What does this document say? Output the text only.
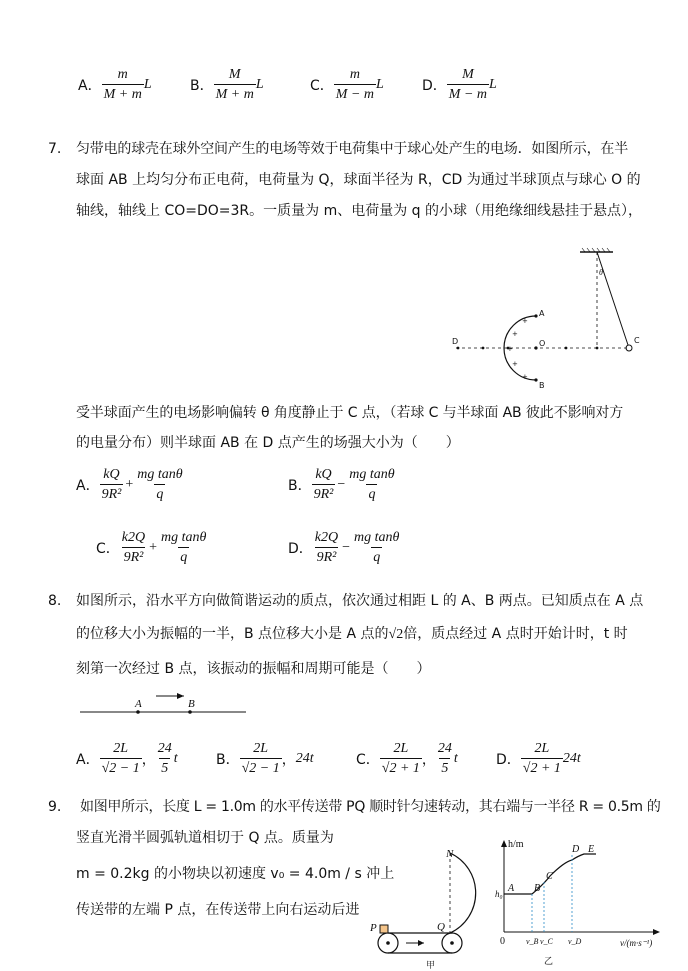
A． $\frac{m}{M + m}$ L	B． $\frac{M}{M + m}$ L	C． $\frac{m}{M - m}$ L	D． $\frac{M}{M - m}$ L
7. 匀带电的球壳在球外空间产生的电场等效于电荷集中于球心处产生的电场．如图所示，在半
球面 AB 上均匀分布正电荷，电荷量为 Q，球面半径为 R，CD 为通过半球顶点与球心 O 的
轴线，轴线上 CO=DO=3R。一质量为 m、电荷量为 q 的小球（用绝缘细线悬挂于悬点），
+
+
+
+
+
D
A
B
O	C
θ
受半球面产生的电场影响偏转 θ 角度静止于 C 点，（若球 C 与半球面 AB 彼此不影响对方
的电量分布）则半球面 AB 在 D 点产生的场强大小为（　　）
A． $\frac{kQ}{\text{9R²}} + \frac{\text{mg tanθ}}{q}$	B． $\frac{kQ}{\text{9R²}} - \frac{\text{mg tanθ}}{q}$
C． $\frac{k2Q}{\text{9R²}} + \frac{\text{mg tanθ}}{q}$	D． $\frac{k2Q}{\text{9R²}} - \frac{\text{mg tanθ}}{q}$
8. 如图所示，沿水平方向做简谐运动的质点，依次通过相距 L 的 A、B 两点。已知质点在 A 点
的位移大小为振幅的一半，B 点位移大小是 A 点的√2倍，质点经过 A 点时开始计时，t 时
刻第一次经过 B 点，该振动的振幅和周期可能是（　　）
A	B
A． $\frac{2L}{√2 - 1}$ ， $\frac{24}{5}$ t	B． $\frac{2L}{√2 - 1}$ ， 24t	C． $\frac{2L}{√2 + 1}$ ， $\frac{24}{5}$ t	D． $\frac{2L}{√2 + 1} 24t$
9. 如图甲所示，长度 L = 1.0m 的水平传送带 PQ 顺时针匀速转动，其右端与一半径 R = 0.5m 的
竖直光滑半圆弧轨道相切于 Q 点。质量为
m = 0.2kg 的小物块以初速度 v₀ = 4.0m / s 冲上
传送带的左端 P 点，在传送带上向右运动后进
N
Q
P
甲
h/m
h₀ A B
C
D E
0	v_B v_C v_D	v/(m·s⁻¹)
乙
